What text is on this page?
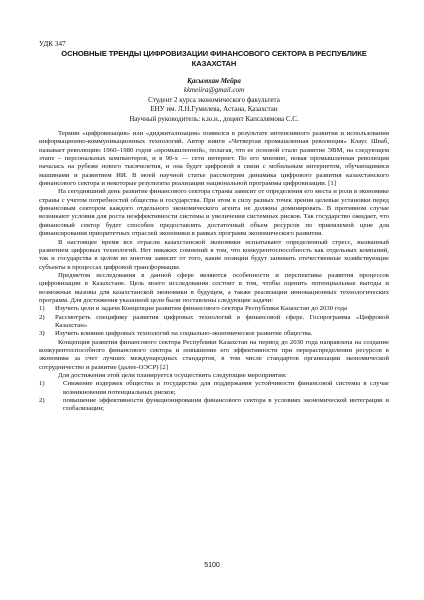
УДК 347

ОСНОВНЫЕ ТРЕНДЫ ЦИФРОВИЗАЦИИ ФИНАНСОВОГО СЕКТОРА В РЕСПУБЛИКЕ
КАЗАХСТАН

Қасымхан Мейра
kkmeiira@gmail.com
Студент 2 курса экономического факультета
ЕНУ им. Л.Н.Гумилева, Астана, Казахстан
Научный руководитель: к.ю.н., доцент Капсалямова С.С.

Термин «цифровизация» или «диджитализация» появился в результате интенсивного развития и использования информационно-коммуникационных технологий. Автор книги «Четвертая промышленная революция» Клаус Шваб, называет революцию 1960–1980 годов «промышленной», полагая, что ее основой стало развитие ЭВМ, на следующем этапе – персональных компьютеров, и в 90-х — сети интернет. По его мнению, новая промышленная революция началась на рубеже нового тысячелетия, и она будет цифровой в связи с мобильным интернетом, обучающимися машинами и развитием ИИ. В моей научной статье рассмотрим динамика цифрового развития казахстанского финансового сектора и некоторые результаты реализации национальной программы цифровизации. [1]

На сегодняшний день развитие финансового сектора страны зависит от определения его места и роли в экономике страны с учетом потребностей общества и государства. При этом в силу разных точек зрения целевые установки перед финансовым сектором каждого отдельного экономического агента не должны доминировать. В противном случае возникают условия для роста неэффективности системы и увеличения системных рисков. Так государство ожидает, что финансовый сектор будет способен предоставлять достаточный объем ресурсов по приемлемой цене для финансирования приоритетных отраслей экономики в рамках программ экономического развития.

В настоящее время все отрасли казахстанской экономики испытывают определенный стресс, вызванный развитием цифровых технологий. Нет никаких сомнений в том, что конкурентоспособность как отдельных компаний, так и государства в целом во многом зависит от того, какие позиции будут занимать отечественные хозяйствующие субъекты в процессах цифровой трансформации.

Предметом исследования в данной сфере являются особенности и перспективы развития процессов цифровизации в Казахстане. Цель моего исследования состоит в том, чтобы оценить потенциальные выгоды и возможные вызовы для казахстанской экономики в будущем, а также реализации инновационных технологических программ. Для достижения указанной цели были поставлены следующие задачи:

1) Изучить цели и задачи Концепции развития финансового сектора Республики Казахстан до 2030 года
2) Рассмотреть специфику развития цифровых технологий в финансовой сфере. Госпрограмма «Цифровой Казахстан»
3) Изучить влияние цифровых технологий на социально-экономическое развитие общества.

Концепция развития финансового сектора Республики Казахстан на период до 2030 года направлена на создание конкурентоспособного финансового сектора и повышение его эффективности при перераспределении ресурсов в экономике за счет лучших международных стандартов, в том числе стандартов организации экономической сотрудничество и развитие (далее-ОЭСР) [2]

Для достижения этой цели планируется осуществить следующие мероприятия:

1)	Снижение издержек общества и государства для поддержания устойчивости финансовой системы в случае возникновения потенциальных рисков;
2)	повышение эффективности функционирования финансового сектора в условиях экономической интеграции и глобализации;
5100
